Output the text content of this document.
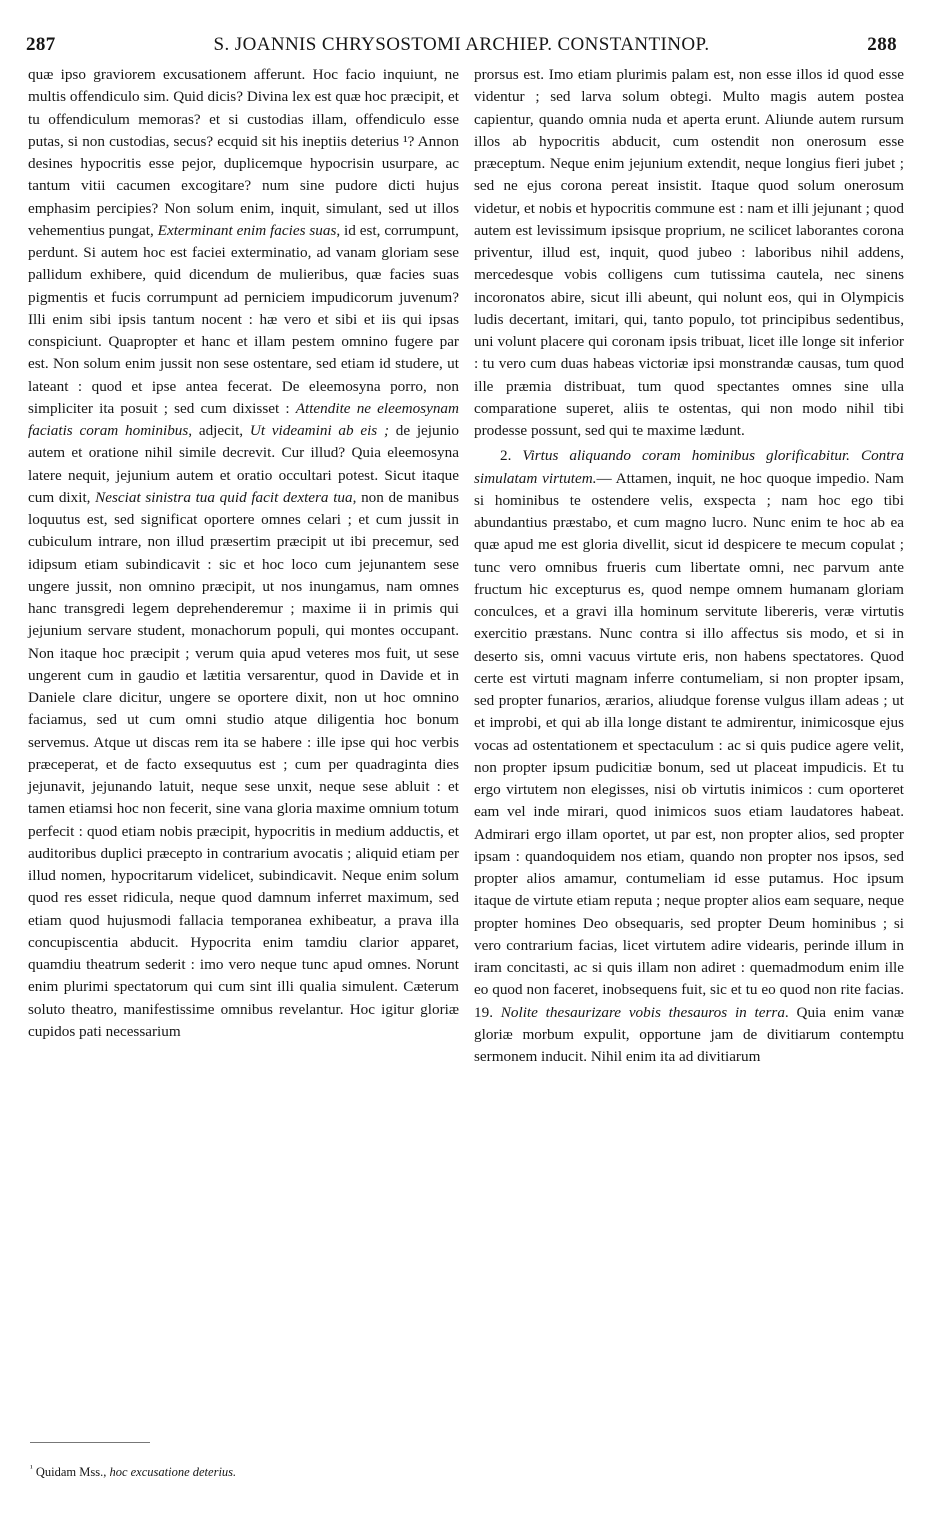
287	S. JOANNIS CHRYSOSTOMI ARCHIEP. CONSTANTINOP.	288

quæ ipso graviorem excusationem afferunt. Hoc facio inquiunt, ne multis offendiculo sim. Quid dicis? Divina lex est quæ hoc præcipit, et tu offendiculum memoras? et si custodias illam, offendiculo esse putas, si non custodias, secus? ecquid sit his ineptiis deterius ¹? Annon desines hypocritis esse pejor, duplicemque hypocrisin usurpare, ac tantum vitii cacumen excogitare? num sine pudore dicti hujus emphasim percipies? Non solum enim, inquit, simulant, sed ut illos vehementius pungat, Exterminant enim facies suas, id est, corrumpunt, perdunt. Si autem hoc est faciei exterminatio, ad vanam gloriam sese pallidum exhibere, quid dicendum de mulieribus, quæ facies suas pigmentis et fucis corrumpunt ad perniciem impudicorum juvenum? Illi enim sibi ipsis tantum nocent : hæ vero et sibi et iis qui ipsas conspiciunt. Quapropter et hanc et illam pestem omnino fugere par est. Non solum enim jussit non sese ostentare, sed etiam id studere, ut lateant : quod et ipse antea fecerat. De eleemosyna porro, non simpliciter ita posuit ; sed cum dixisset : Attendite ne eleemosynam faciatis coram hominibus, adjecit, Ut videamini ab eis ; de jejunio autem et oratione nihil simile decrevit. Cur illud? Quia eleemosyna latere nequit, jejunium autem et oratio occultari potest. Sicut itaque cum dixit, Nesciat sinistra tua quid facit dextera tua, non de manibus loquutus est, sed significat oportere omnes celari ; et cum jussit in cubiculum intrare, non illud præsertim præcipit ut ibi precemur, sed idipsum etiam subindicavit : sic et hoc loco cum jejunantem sese ungere jussit, non omnino præcipit, ut nos inungamus, nam omnes hanc transgredi legem deprehenderemur ; maxime ii in primis qui jejunium servare student, monachorum populi, qui montes occupant. Non itaque hoc præcipit ; verum quia apud veteres mos fuit, ut sese ungerent cum in gaudio et lætitia versarentur, quod in Davide et in Daniele clare dicitur, ungere se oportere dixit, non ut hoc omnino faciamus, sed ut cum omni studio atque diligentia hoc bonum servemus. Atque ut discas rem ita se habere : ille ipse qui hoc verbis præceperat, et de facto exsequutus est ; cum per quadraginta dies jejunavit, jejunando latuit, neque sese unxit, neque sese abluit : et tamen etiamsi hoc non fecerit, sine vana gloria maxime omnium totum perfecit : quod etiam nobis præcipit, hypocritis in medium adductis, et auditoribus duplici præcepto in contrarium avocatis ; aliquid etiam per illud nomen, hypocritarum videlicet, subindicavit. Neque enim solum quod res esset ridicula, neque quod damnum inferret maximum, sed etiam quod hujusmodi fallacia temporanea exhibeatur, a prava illa concupiscentia abducit. Hypocrita enim tamdiu clarior apparet, quamdiu theatrum sederit : imo vero neque tunc apud omnes. Norunt enim plurimi spectatorum qui cum sint illi qualia simulent. Cæterum soluto theatro, manifestissime omnibus revelantur. Hoc igitur gloriæ cupidos pati necessarium

prorsus est. Imo etiam plurimis palam est, non esse illos id quod esse videntur ; sed larva solum obtegi. Multo magis autem postea capientur, quando omnia nuda et aperta erunt. Aliunde autem rursum illos ab hypocritis abducit, cum ostendit non onerosum esse præceptum. Neque enim jejunium extendit, neque longius fieri jubet ; sed ne ejus corona pereat insistit. Itaque quod solum onerosum videtur, et nobis et hypocritis commune est : nam et illi jejunant ; quod autem est levissimum ipsisque proprium, ne scilicet laborantes corona priventur, illud est, inquit, quod jubeo : laboribus nihil addens, mercedesque vobis colligens cum tutissima cautela, nec sinens incoronatos abire, sicut illi abeunt, qui nolunt eos, qui in Olympicis ludis decertant, imitari, qui, tanto populo, tot principibus sedentibus, uni volunt placere qui coronam ipsis tribuat, licet ille longe sit inferior : tu vero cum duas habeas victoriæ ipsi monstrandæ causas, tum quod ille præmia distribuat, tum quod spectantes omnes sine ulla comparatione superet, aliis te ostentas, qui non modo nihil tibi prodesse possunt, sed qui te maxime lædunt.

2. Virtus aliquando coram hominibus glorificabitur. Contra simulatam virtutem.— Attamen, inquit, ne hoc quoque impedio. Nam si hominibus te ostendere velis, exspecta ; nam hoc ego tibi abundantius præstabo, et cum magno lucro. Nunc enim te hoc ab ea quæ apud me est gloria divellit, sicut id despicere te mecum copulat ; tunc vero omnibus frueris cum libertate omni, nec parvum ante fructum hic excepturus es, quod nempe omnem humanam gloriam conculces, et a gravi illa hominum servitute libereris, veræ virtutis exercitio præstans. Nunc contra si illo affectus sis modo, et si in deserto sis, omni vacuus virtute eris, non habens spectatores. Quod certe est virtuti magnam inferre contumeliam, si non propter ipsam, sed propter funarios, ærarios, aliudque forense vulgus illam adeas ; ut et improbi, et qui ab illa longe distant te admirentur, inimicosque ejus vocas ad ostentationem et spectaculum : ac si quis pudice agere velit, non propter ipsum pudicitiæ bonum, sed ut placeat impudicis. Et tu ergo virtutem non elegisses, nisi ob virtutis inimicos : cum oporteret eam vel inde mirari, quod inimicos suos etiam laudatores habeat. Admirari ergo illam oportet, ut par est, non propter alios, sed propter ipsam : quandoquidem nos etiam, quando non propter nos ipsos, sed propter alios amamur, contumeliam id esse putamus. Hoc ipsum itaque de virtute etiam reputa ; neque propter alios eam sequare, neque propter homines Deo obsequaris, sed propter Deum hominibus ; si vero contrarium facias, licet virtutem adire videaris, perinde illum in iram concitasti, ac si quis illam non adiret : quemadmodum enim ille eo quod non faceret, inobsequens fuit, sic et tu eo quod non rite facias. 19. Nolite thesaurizare vobis thesauros in terra. Quia enim vanæ gloriæ morbum expulit, opportune jam de divitiarum contemptu sermonem inducit. Nihil enim ita ad divitiarum

$^{^1}$ Quidam Mss., hoc excusatione deterius.
